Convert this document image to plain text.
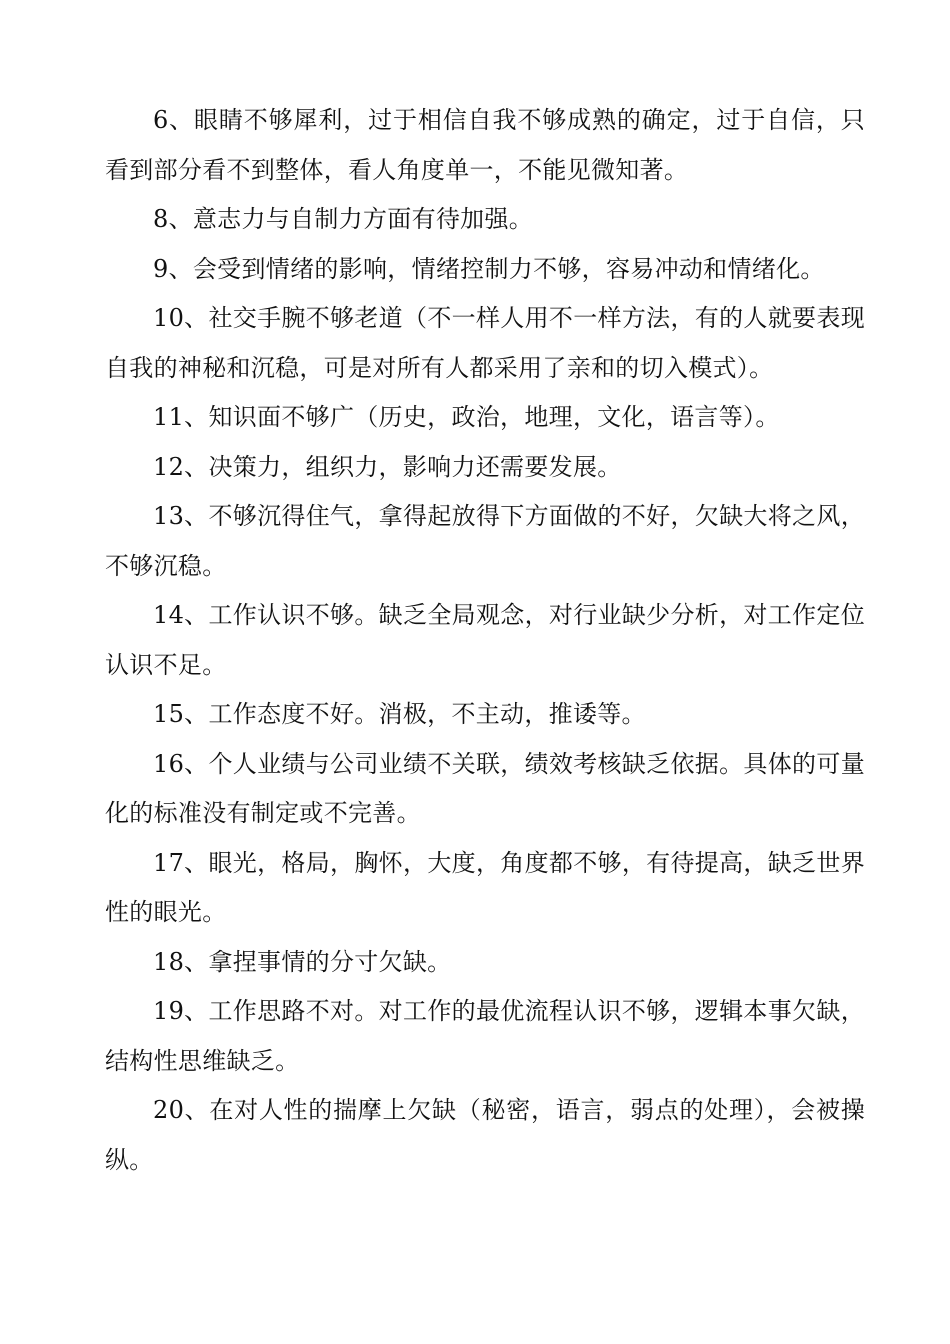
6、眼睛不够犀利，过于相信自我不够成熟的确定，过于自信，只看到部分看不到整体，看人角度单一，不能见微知著。

8、意志力与自制力方面有待加强。

9、会受到情绪的影响，情绪控制力不够，容易冲动和情绪化。

10、社交手腕不够老道（不一样人用不一样方法，有的人就要表现自我的神秘和沉稳，可是对所有人都采用了亲和的切入模式）。

11、知识面不够广（历史，政治，地理，文化，语言等）。

12、决策力，组织力，影响力还需要发展。

13、不够沉得住气，拿得起放得下方面做的不好，欠缺大将之风，不够沉稳。

14、工作认识不够。缺乏全局观念，对行业缺少分析，对工作定位认识不足。

15、工作态度不好。消极，不主动，推诿等。

16、个人业绩与公司业绩不关联，绩效考核缺乏依据。具体的可量化的标准没有制定或不完善。

17、眼光，格局，胸怀，大度，角度都不够，有待提高，缺乏世界性的眼光。

18、拿捏事情的分寸欠缺。

19、工作思路不对。对工作的最优流程认识不够，逻辑本事欠缺，结构性思维缺乏。

20、在对人性的揣摩上欠缺（秘密，语言，弱点的处理），会被操纵。
